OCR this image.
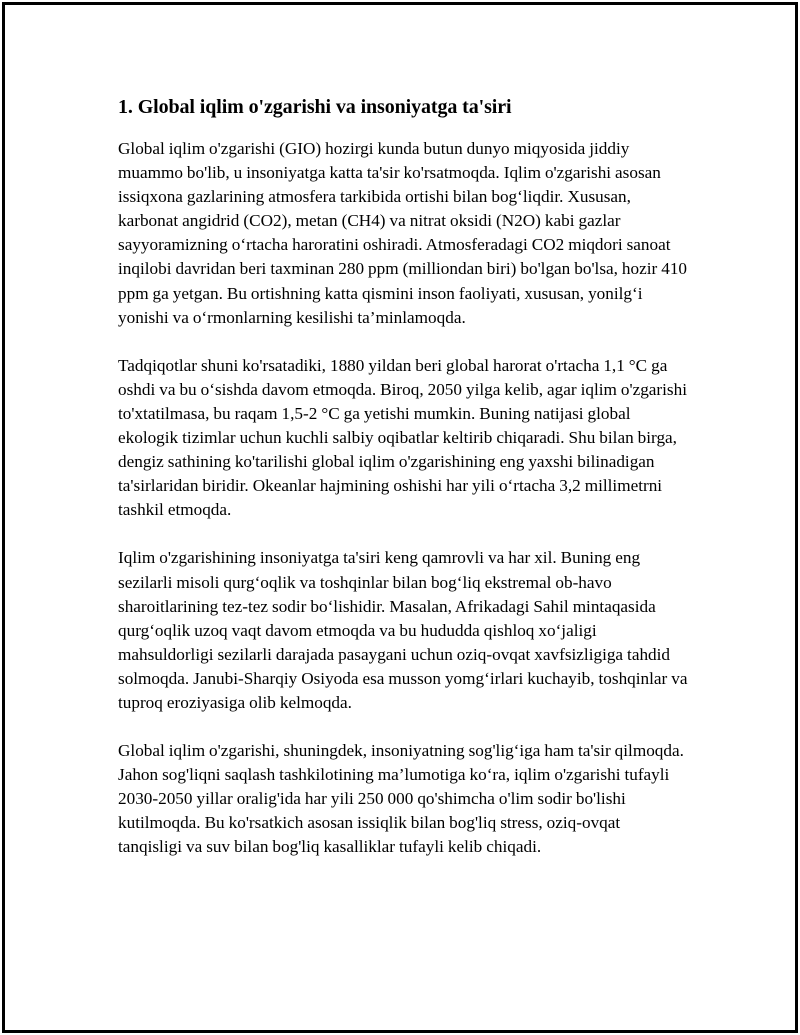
1. Global iqlim o'zgarishi va insoniyatga ta'siri

Global iqlim o'zgarishi (GIO) hozirgi kunda butun dunyo miqyosida jiddiy muammo bo'lib, u insoniyatga katta ta'sir ko'rsatmoqda. Iqlim o'zgarishi asosan issiqxona gazlarining atmosfera tarkibida ortishi bilan bog‘liqdir. Xususan, karbonat angidrid (CO2), metan (CH4) va nitrat oksidi (N2O) kabi gazlar sayyoramizning o‘rtacha haroratini oshiradi. Atmosferadagi CO2 miqdori sanoat inqilobi davridan beri taxminan 280 ppm (milliondan biri) bo'lgan bo'lsa, hozir 410 ppm ga yetgan. Bu ortishning katta qismini inson faoliyati, xususan, yonilg‘i yonishi va o‘rmonlarning kesilishi ta’minlamoqda.

Tadqiqotlar shuni ko'rsatadiki, 1880 yildan beri global harorat o'rtacha 1,1 °C ga oshdi va bu o‘sishda davom etmoqda. Biroq, 2050 yilga kelib, agar iqlim o'zgarishi to'xtatilmasa, bu raqam 1,5-2 °C ga yetishi mumkin. Buning natijasi global ekologik tizimlar uchun kuchli salbiy oqibatlar keltirib chiqaradi. Shu bilan birga, dengiz sathining ko'tarilishi global iqlim o'zgarishining eng yaxshi bilinadigan ta'sirlaridan biridir. Okeanlar hajmining oshishi har yili o‘rtacha 3,2 millimetrni tashkil etmoqda.

Iqlim o'zgarishining insoniyatga ta'siri keng qamrovli va har xil. Buning eng sezilarli misoli qurg‘oqlik va toshqinlar bilan bog‘liq ekstremal ob-havo sharoitlarining tez-tez sodir bo‘lishidir. Masalan, Afrikadagi Sahil mintaqasida qurg‘oqlik uzoq vaqt davom etmoqda va bu hududda qishloq xo‘jaligi mahsuldorligi sezilarli darajada pasaygani uchun oziq-ovqat xavfsizligiga tahdid solmoqda. Janubi-Sharqiy Osiyoda esa musson yomg‘irlari kuchayib, toshqinlar va tuproq eroziyasiga olib kelmoqda.

Global iqlim o'zgarishi, shuningdek, insoniyatning sog'lig‘iga ham ta'sir qilmoqda. Jahon sog'liqni saqlash tashkilotining ma’lumotiga ko‘ra, iqlim o'zgarishi tufayli 2030-2050 yillar oralig'ida har yili 250 000 qo'shimcha o'lim sodir bo'lishi kutilmoqda. Bu ko'rsatkich asosan issiqlik bilan bog'liq stress, oziq-ovqat tanqisligi va suv bilan bog'liq kasalliklar tufayli kelib chiqadi.
